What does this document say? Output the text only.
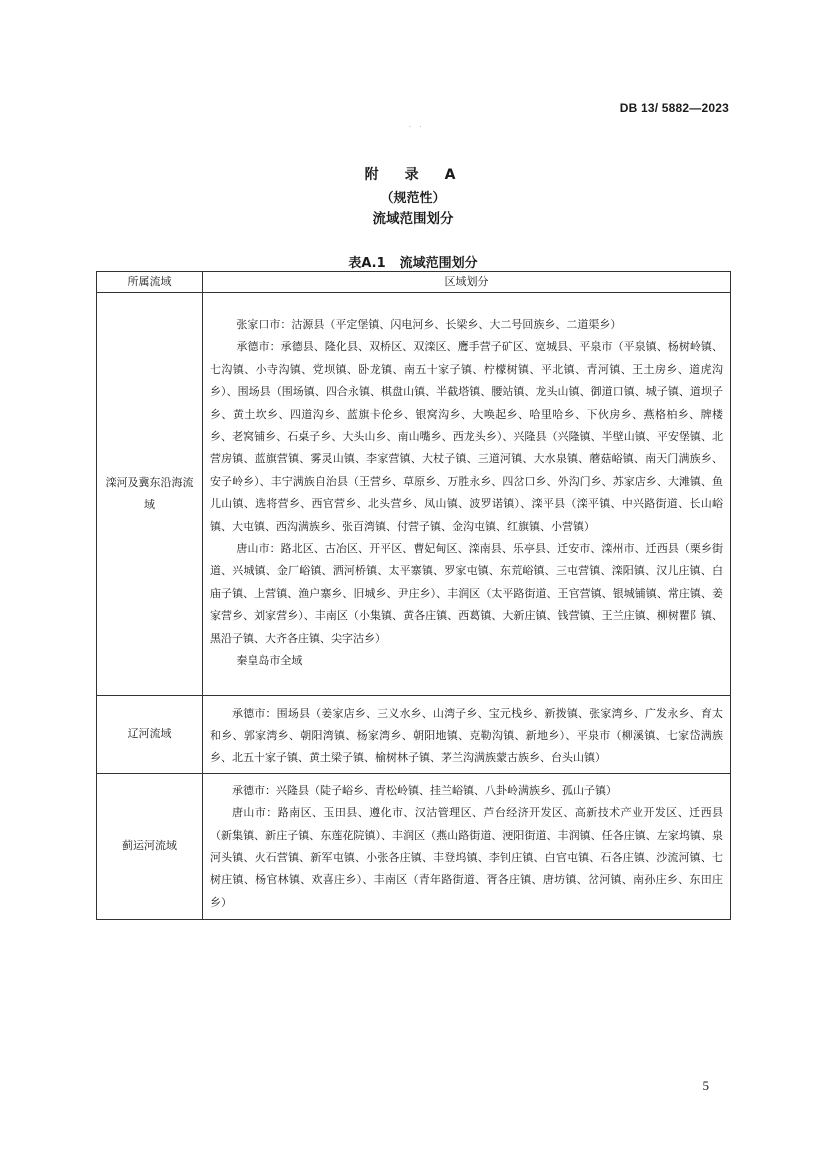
DB 13/ 5882—2023
· ·
附　录　A
（规范性）
流域范围划分
表A.1 流域范围划分
所属流域	区域划分
滦河及冀东沿海流域	张家口市：沽源县（平定堡镇、闪电河乡、长梁乡、大二号回族乡、二道渠乡）

承德市：承德县、隆化县、双桥区、双滦区、鹰手营子矿区、宽城县、平泉市（平泉镇、杨树岭镇、七沟镇、小寺沟镇、党坝镇、卧龙镇、南五十家子镇、柠檬树镇、平北镇、青河镇、王土房乡、道虎沟乡）、围场县（围场镇、四合永镇、棋盘山镇、半截塔镇、腰站镇、龙头山镇、御道口镇、城子镇、道坝子乡、黄土坎乡、四道沟乡、蓝旗卡伦乡、银窝沟乡、大唤起乡、哈里哈乡、下伙房乡、燕格柏乡、牌楼乡、老窝铺乡、石桌子乡、大头山乡、南山嘴乡、西龙头乡）、兴隆县（兴隆镇、半壁山镇、平安堡镇、北营房镇、蓝旗营镇、雾灵山镇、李家营镇、大杖子镇、三道河镇、大水泉镇、蘑菇峪镇、南天门满族乡、安子岭乡）、丰宁满族自治县（王营乡、草原乡、万胜永乡、四岔口乡、外沟门乡、苏家店乡、大滩镇、鱼儿山镇、选将营乡、西官营乡、北头营乡、凤山镇、波罗诺镇）、滦平县（滦平镇、中兴路街道、长山峪镇、大屯镇、西沟满族乡、张百湾镇、付营子镇、金沟屯镇、红旗镇、小营镇）

唐山市：路北区、古冶区、开平区、曹妃甸区、滦南县、乐亭县、迁安市、滦州市、迁西县（栗乡街道、兴城镇、金厂峪镇、洒河桥镇、太平寨镇、罗家屯镇、东荒峪镇、三屯营镇、滦阳镇、汉儿庄镇、白庙子镇、上营镇、渔户寨乡、旧城乡、尹庄乡）、丰润区（太平路街道、王官营镇、银城铺镇、常庄镇、姜家营乡、刘家营乡）、丰南区（小集镇、黄各庄镇、西葛镇、大新庄镇、钱营镇、王兰庄镇、柳树瞿阝镇、黑沿子镇、大齐各庄镇、尖字沽乡）

秦皇岛市全域

辽河流域	承德市：围场县（姜家店乡、三义水乡、山湾子乡、宝元栈乡、新拨镇、张家湾乡、广发永乡、育太和乡、郭家湾乡、朝阳湾镇、杨家湾乡、朝阳地镇、克勒沟镇、新地乡）、平泉市（柳溪镇、七家岱满族乡、北五十家子镇、黄土梁子镇、榆树林子镇、茅兰沟满族蒙古族乡、台头山镇）

蓟运河流域	承德市：兴隆县（陡子峪乡、青松岭镇、挂兰峪镇、八卦岭满族乡、孤山子镇）

唐山市：路南区、玉田县、遵化市、汉沽管理区、芦台经济开发区、高新技术产业开发区、迁西县（新集镇、新庄子镇、东莲花院镇）、丰润区（燕山路街道、浭阳街道、丰润镇、任各庄镇、左家坞镇、泉河头镇、火石营镇、新军屯镇、小张各庄镇、丰登坞镇、李钊庄镇、白官屯镇、石各庄镇、沙流河镇、七树庄镇、杨官林镇、欢喜庄乡）、丰南区（青年路街道、胥各庄镇、唐坊镇、岔河镇、南孙庄乡、东田庄乡）

5
